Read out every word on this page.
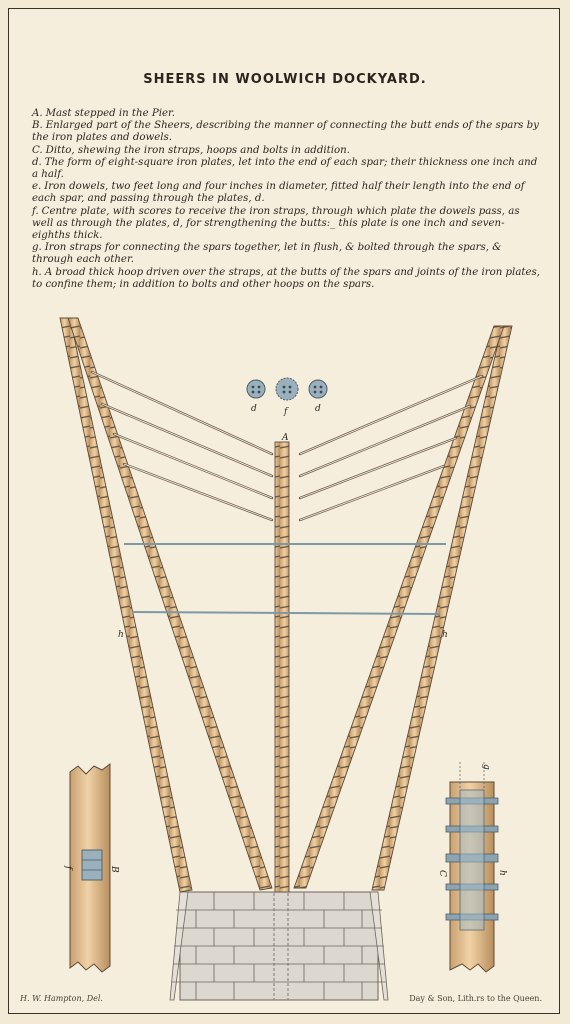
SHEERS IN WOOLWICH DOCKYARD.

A. Mast stepped in the Pier.

B. Enlarged part of the Sheers, describing the manner of connecting the butt ends of the spars by the iron plates and dowels.

C. Ditto, shewing the iron straps, hoops and bolts in addition.

d. The form of eight-square iron plates, let into the end of each spar; their thickness one inch and a half.

e. Iron dowels, two feet long and four inches in diameter, fitted half their length into the end of each spar, and passing through the plates, d.

f. Centre plate, with scores to receive the iron straps, through which plate the dowels pass, as well as through the plates, d, for strengthening the butts:_ this plate is one inch and seven-eighths thick.

g. Iron straps for connecting the spars together, let in flush, & bolted through the spars, & through each other.

h. A broad thick hoop driven over the straps, at the butts of the spars and joints of the iron plates, to confine them; in addition to bolts and other hoops on the spars.

d	f	d
A
h	h
B
f
C	h
g
H. W. Hampton, Del.	Day & Son, Lith.rs to the Queen.
